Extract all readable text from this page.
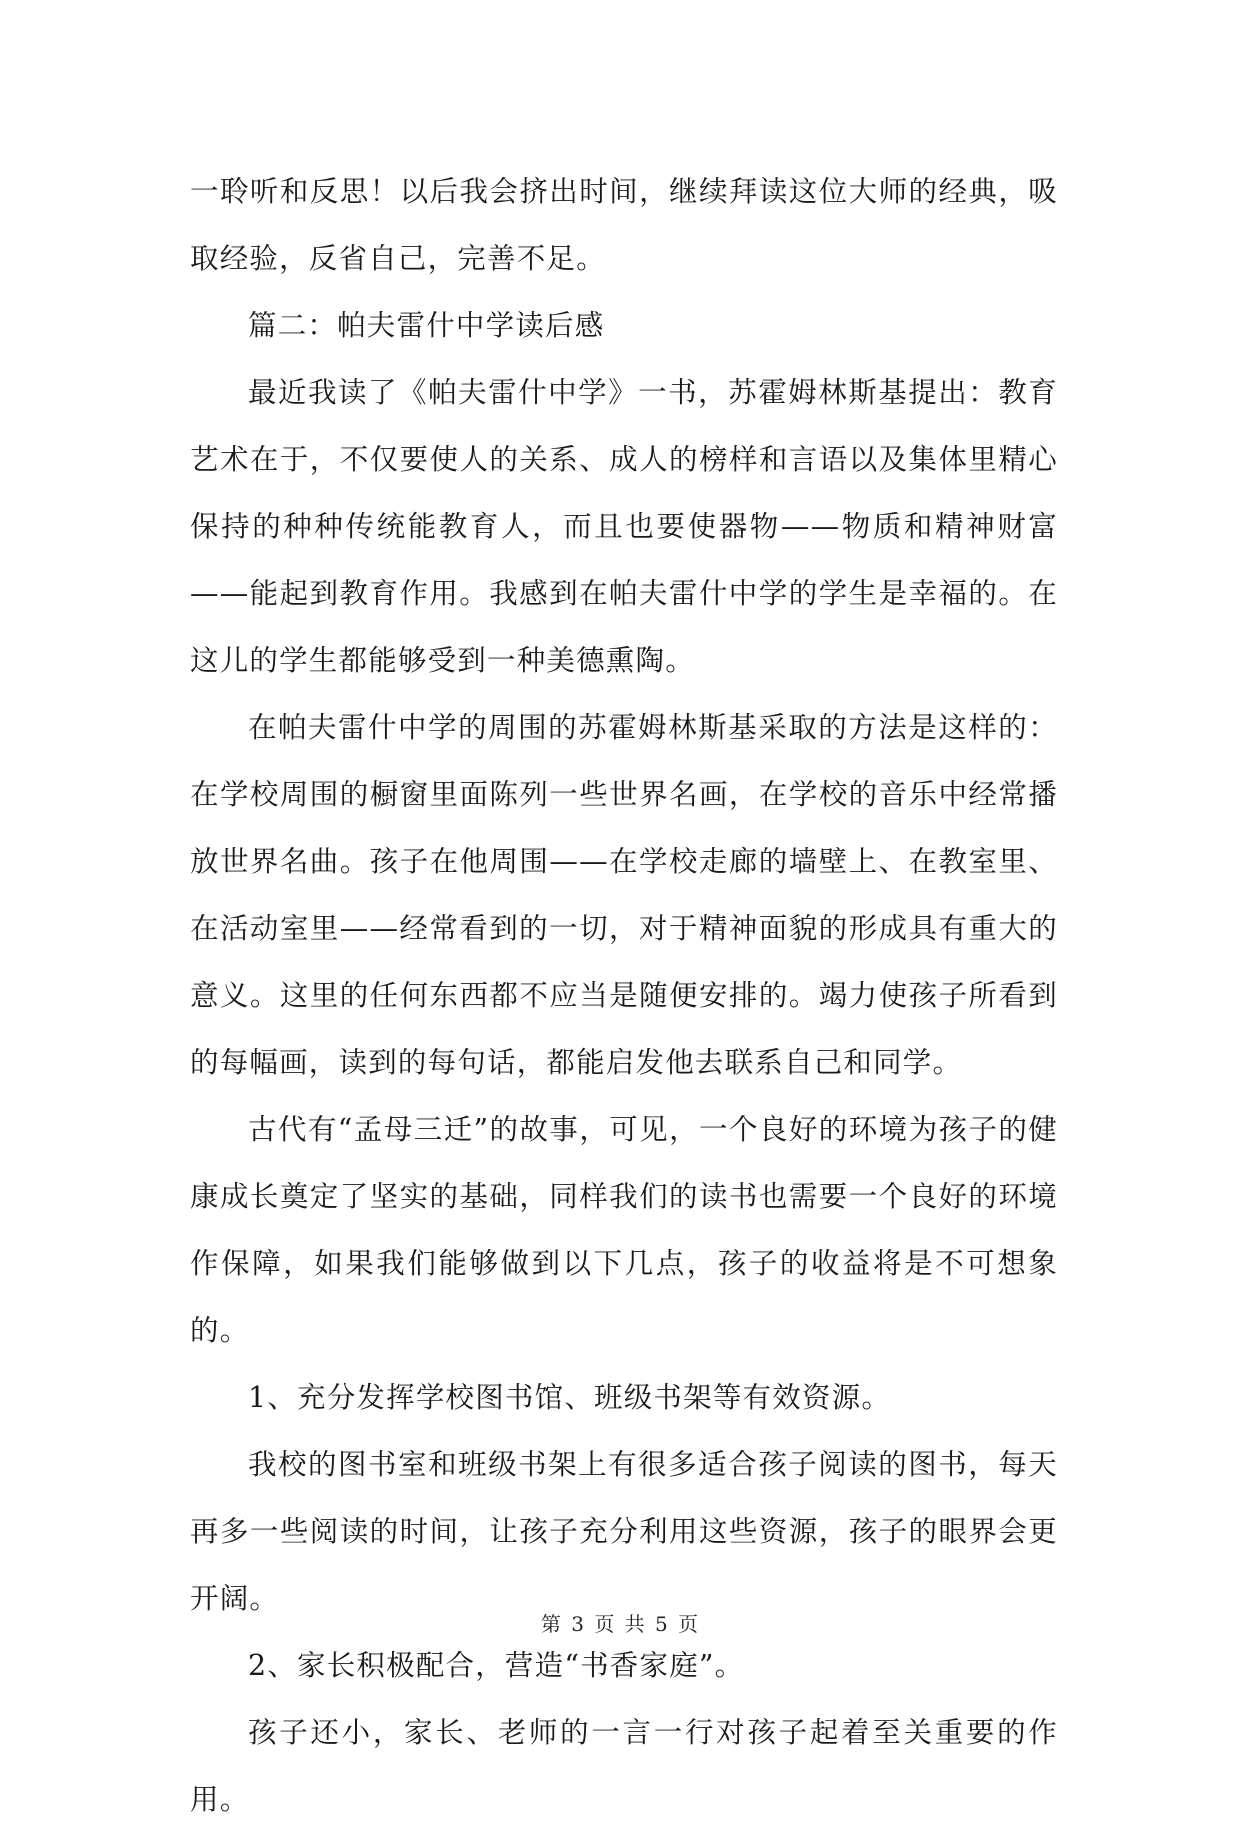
一聆听和反思！以后我会挤出时间，继续拜读这位大师的经典，吸取经验，反省自己，完善不足。

篇二：帕夫雷什中学读后感

最近我读了《帕夫雷什中学》一书，苏霍姆林斯基提出：教育艺术在于，不仅要使人的关系、成人的榜样和言语以及集体里精心保持的种种传统能教育人，而且也要使器物——物质和精神财富——能起到教育作用。我感到在帕夫雷什中学的学生是幸福的。在这儿的学生都能够受到一种美德熏陶。

在帕夫雷什中学的周围的苏霍姆林斯基采取的方法是这样的：在学校周围的橱窗里面陈列一些世界名画，在学校的音乐中经常播放世界名曲。孩子在他周围——在学校走廊的墙壁上、在教室里、在活动室里——经常看到的一切，对于精神面貌的形成具有重大的意义。这里的任何东西都不应当是随便安排的。竭力使孩子所看到的每幅画，读到的每句话，都能启发他去联系自己和同学。

古代有“孟母三迁”的故事，可见，一个良好的环境为孩子的健康成长奠定了坚实的基础，同样我们的读书也需要一个良好的环境作保障，如果我们能够做到以下几点，孩子的收益将是不可想象的。

1、充分发挥学校图书馆、班级书架等有效资源。

我校的图书室和班级书架上有很多适合孩子阅读的图书，每天再多一些阅读的时间，让孩子充分利用这些资源，孩子的眼界会更开阔。

2、家长积极配合，营造“书香家庭”。

孩子还小，家长、老师的一言一行对孩子起着至关重要的作用。

第 3 页 共 5 页
